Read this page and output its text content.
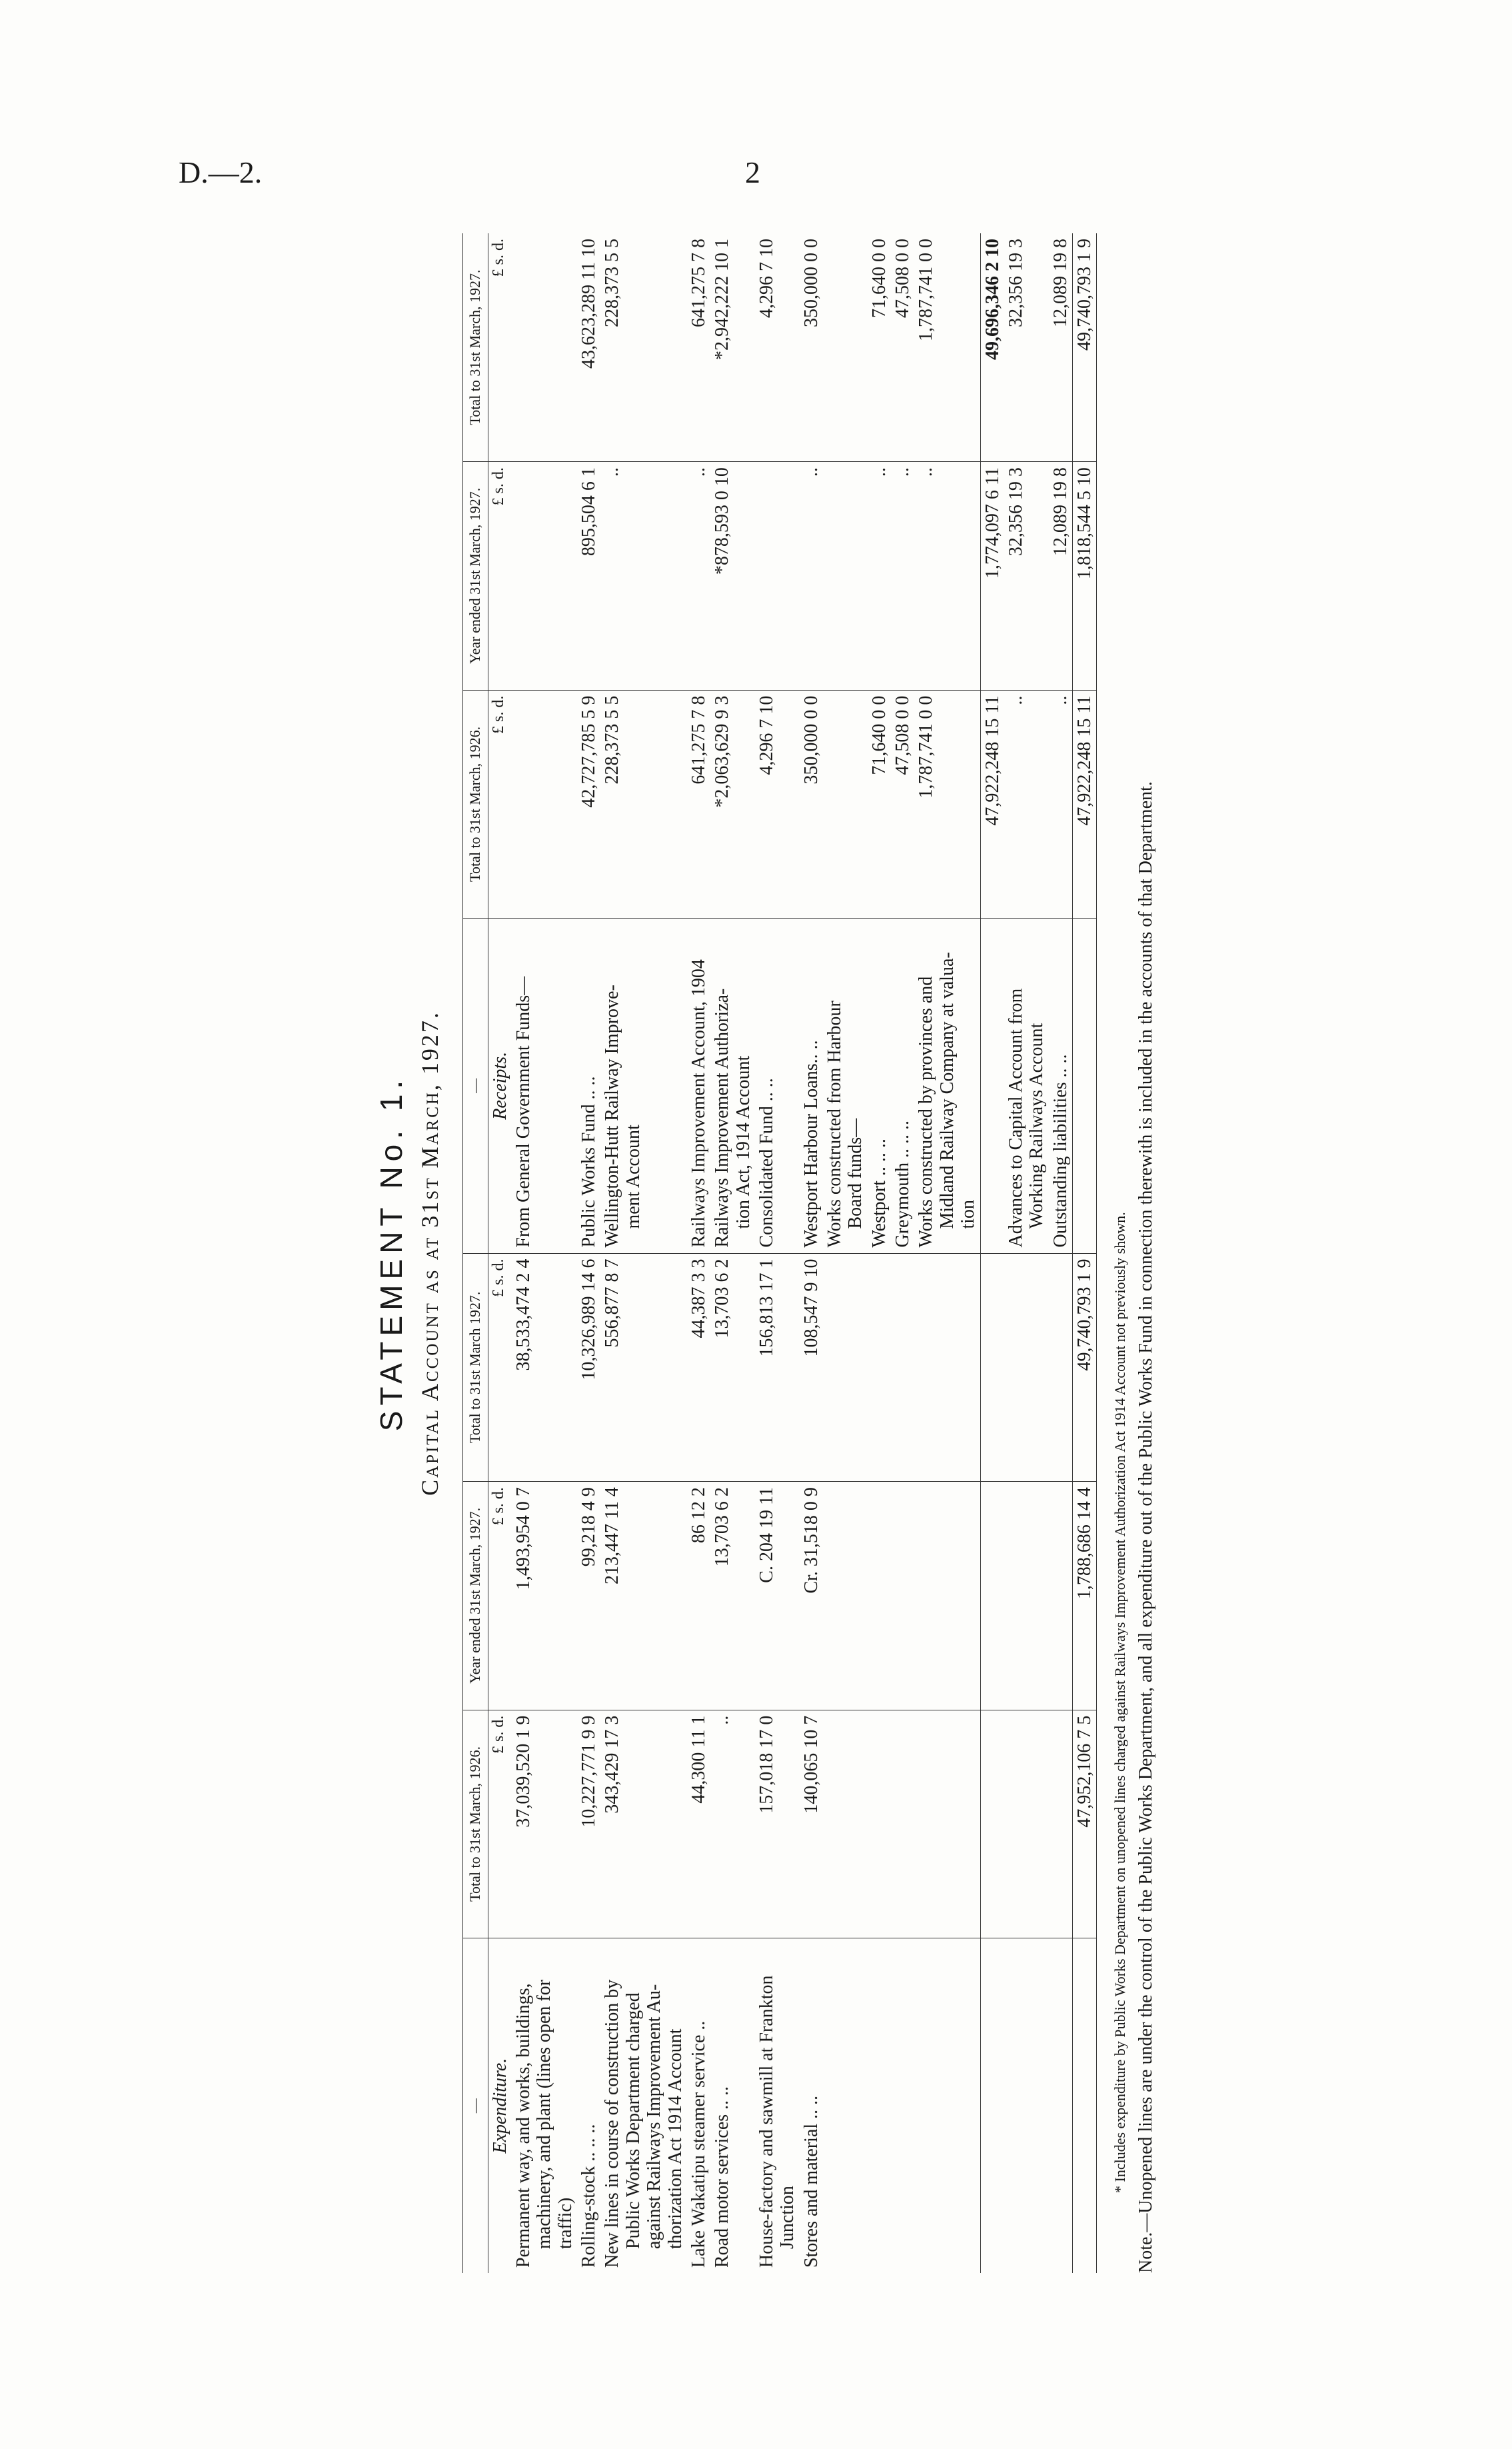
D.—2.	2
STATEMENT No. 1. Capital Account as at 31st March, 1927.
—	Total to 31st March, 1926.	Year ended 31st March, 1927.	Total to 31st March 1927.	—	Total to 31st March, 1926.	Year ended 31st March, 1927.	Total to 31st March, 1927.
Expenditure.	£ s. d.	£ s. d.	£ s. d.	Receipts.	£ s. d.	£ s. d.	£ s. d.
Permanent way, and works, buildings, machinery, and plant (lines open for traffic)	37,039,520 1 9	1,493,954 0 7	38,533,474 2 4	From General Government Funds—			
Rolling-stock .. .. ..	10,227,771 9 9	99,218 4 9	10,326,989 14 6	Public Works Fund .. ..	42,727,785 5 9	895,504 6 1	43,623,289 11 10
New lines in course of construction by Public Works Department charged against Railways Improvement Au- thorization Act 1914 Account	343,429 17 3	213,447 11 4	556,877 8 7	Wellington-Hutt Railway Improve- ment Account	228,373 5 5	..	228,373 5 5
Lake Wakatipu steamer service ..	44,300 11 1	86 12 2	44,387 3 3	Railways Improvement Account, 1904	641,275 7 8	..	641,275 7 8
Road motor services .. ..	..	13,703 6 2	13,703 6 2	Railways Improvement Authoriza- tion Act, 1914 Account	*2,063,629 9 3	*878,593 0 10	*2,942,222 10 1
House-factory and sawmill at Frankton Junction	157,018 17 0	C. 204 19 11	156,813 17 1	Consolidated Fund .. ..	4,296 7 10		4,296 7 10
Stores and material .. ..	140,065 10 7	Cr. 31,518 0 9	108,547 9 10	Westport Harbour Loans.. ..	350,000 0 0	..	350,000 0 0
				Works constructed from Harbour Board funds—			

				Westport .. .. ..	71,640 0 0	..	71,640 0 0
				Greymouth .. .. ..	47,508 0 0	..	47,508 0 0
				Works constructed by provinces and Midland Railway Company at valua- tion	1,787,741 0 0	..	1,787,741 0 0
					47,922,248 15 11	1,774,097 6 11	49,696,346 2 10
				Advances to Capital Account from Working Railways Account	..	32,356 19 3	32,356 19 3
				Outstanding liabilities .. ..	..	12,089 19 8	12,089 19 8
	47,952,106 7 5	1,788,686 14 4	49,740,793 1 9		47,922,248 15 11	1,818,544 5 10	49,740,793 1 9
* Includes expenditure by Public Works Department on unopened lines charged against Railways Improvement Authorization Act 1914 Account not previously shown. Note.—Unopened lines are under the control of the Public Works Department, and all expenditure out of the Public Works Fund in connection therewith is included in the accounts of that Department.
